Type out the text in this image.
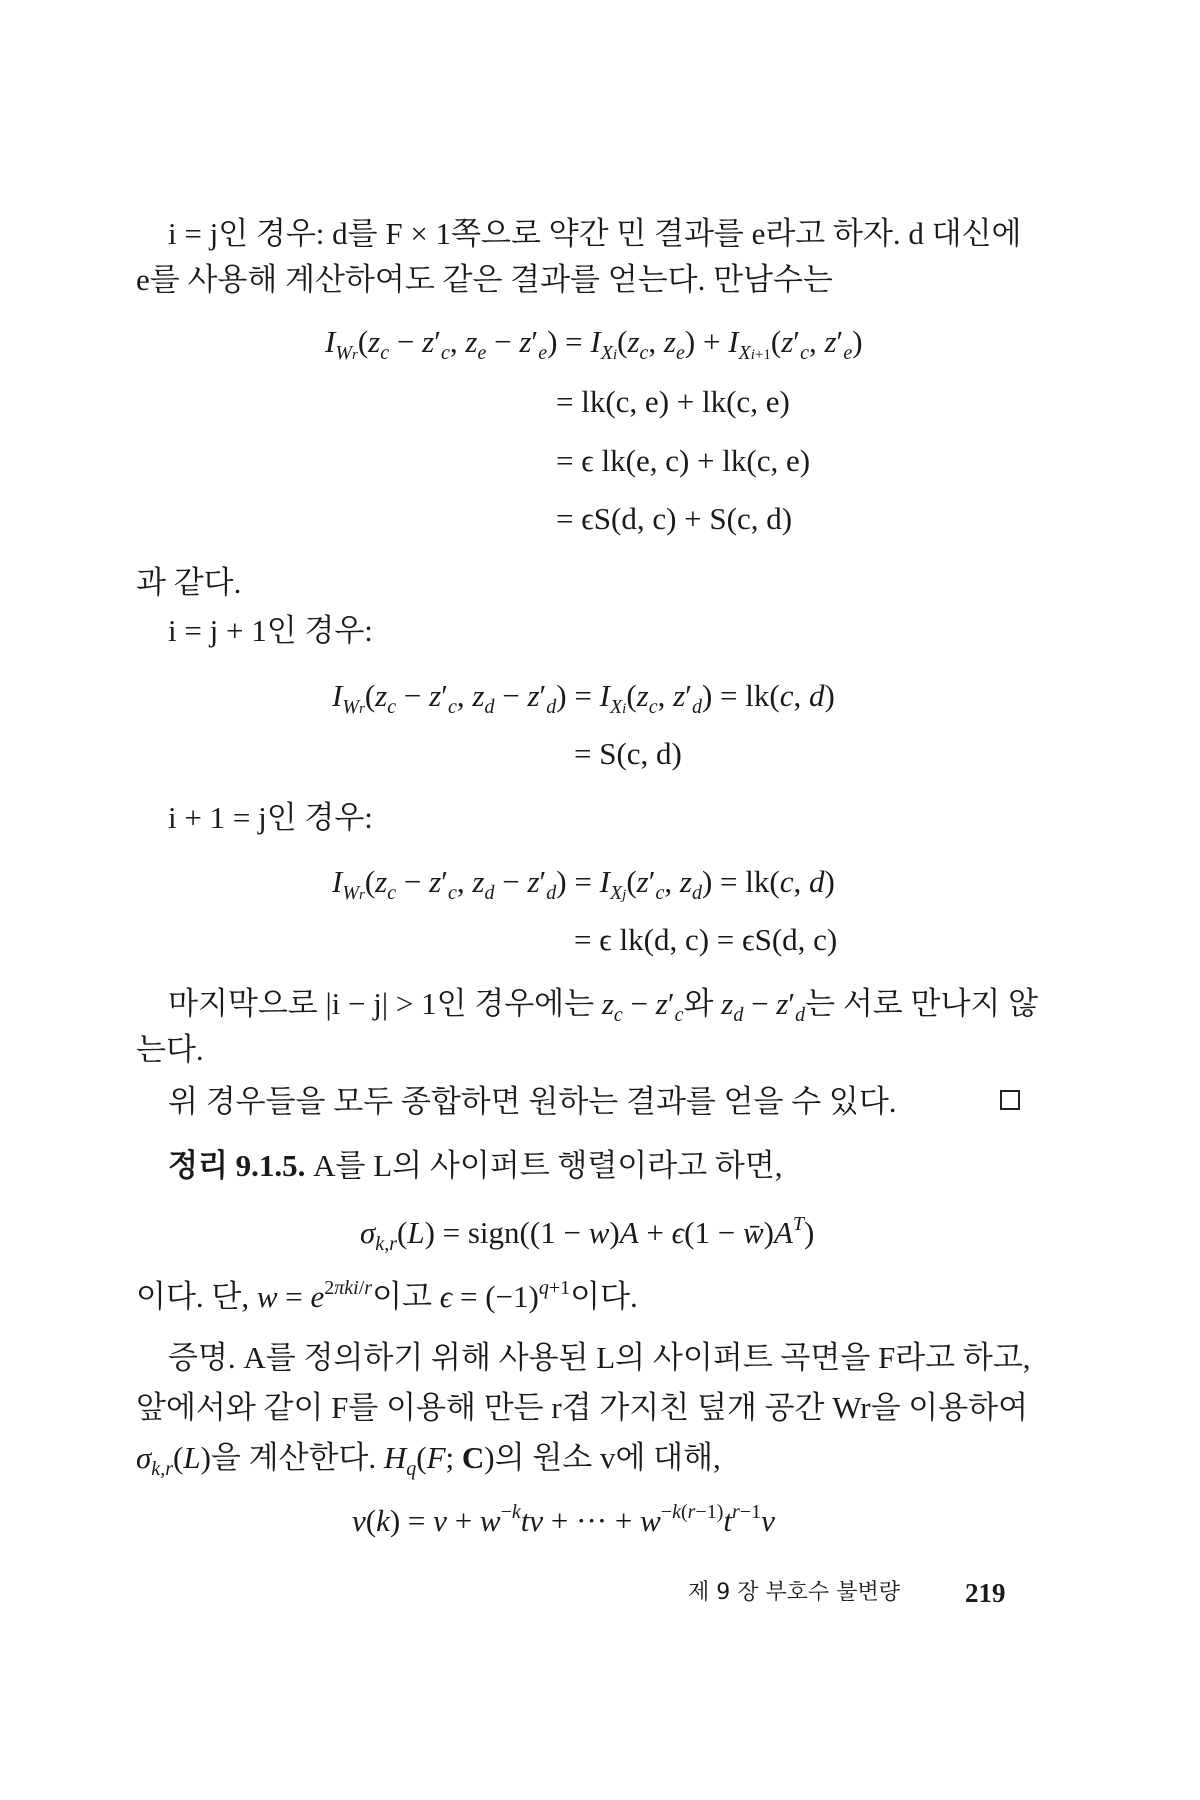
i = j인 경우: d를 F × 1쪽으로 약간 민 결과를 e라고 하자. d 대신에
e를 사용해 계산하여도 같은 결과를 얻는다. 만남수는
$I_{Wr}(z_c - z'_c$, $z_e - z'_e) = I_{Xi}(z_c$, $z_e) + I_{Xi+1}(z'_c$, $z'_e$)
= lk(c, e) + lk(c, e)
= ϵ lk(e, c) + lk(c, e)
= ϵS(d, c) + S(c, d)
과 같다.
i = j + 1인 경우:
$I_{Wr}(z_c - z'_c$, $z_d - z'_d) = I_{Xi}(z_c$, $z'_d) = lk(c$, d)
= S(c, d)
i + 1 = j인 경우:
$I_{Wr}(z_c - z'_c$, $z_d - z'_d) = I_{Xj}(z'_c$, $z_d) = lk(c$, d)
= ϵ lk(d, c) = ϵS(d, c)
마지막으로 |i − j| > 1인 경우에는 $z_c - z'_c$와 $z_d - z'_d$는 서로 만나지 않
는다.
위 경우들을 모두 종합하면 원하는 결과를 얻을 수 있다.
정리 9.1.5. A를 L의 사이퍼트 행렬이라고 하면,
$\sigma_{k,r}(L)$ = sign((1 − $w)A + \epsilon(1 - w̄)A^T$)
이다. 단, $w = e^{2\pi ki/r}$이고 $\epsilon = (-1)^{q+1}$이다.
증명. A를 정의하기 위해 사용된 L의 사이퍼트 곡면을 F라고 하고,
앞에서와 같이 F를 이용해 만든 r겹 가지친 덮개 공간 Wr을 이용하여
$\sigma_{k,r}(L)$을 계산한다. $H_q(F$; C)의 원소 v에 대해,
$v(k) = v + w^{-k}tv$ + ··· + $w^{-k(r-1)}t^{r-1}v$
제 9 장 부호수 불변량 219
